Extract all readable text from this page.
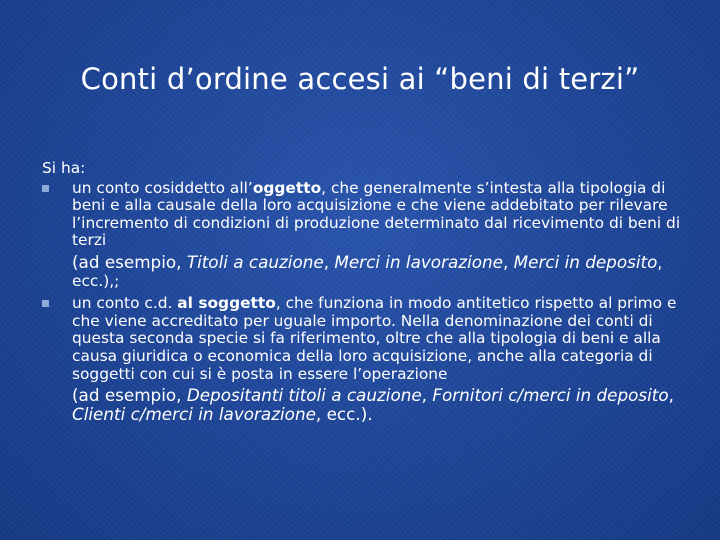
Conti d’ordine accesi ai “beni di terzi”

Si ha:

un conto cosiddetto all’oggetto, che generalmente s’intesta alla tipologia di beni e alla causale della loro acquisizione e che viene addebitato per rilevare l’incremento di condizioni di produzione determinato dal ricevimento di beni di terzi

(ad esempio, Titoli a cauzione, Merci in lavorazione, Merci in deposito, ecc.),;

un conto c.d. al soggetto, che funziona in modo antitetico rispetto al primo e che viene accreditato per uguale importo. Nella denominazione dei conti di questa seconda specie si fa riferimento, oltre che alla tipologia di beni e alla causa giuridica o economica della loro acquisizione, anche alla categoria di soggetti con cui si è posta in essere l’operazione

(ad esempio, Depositanti titoli a cauzione, Fornitori c/merci in deposito, Clienti c/merci in lavorazione, ecc.).
